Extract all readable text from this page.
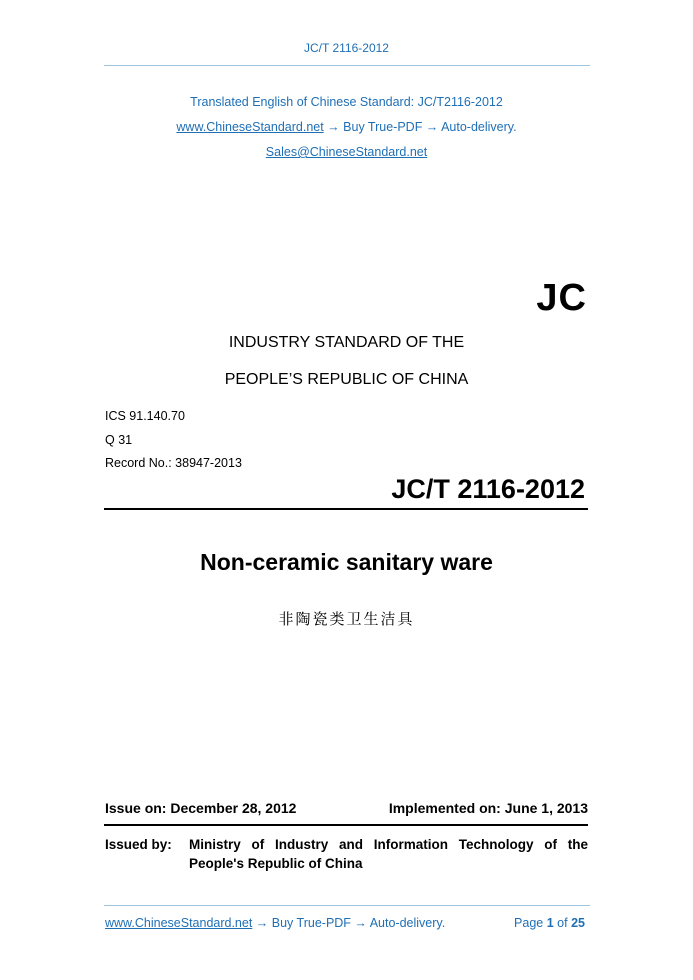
JC/T 2116-2012
Translated English of Chinese Standard: JC/T2116-2012
www.ChineseStandard.net → Buy True-PDF → Auto-delivery.
Sales@ChineseStandard.net
JC
INDUSTRY STANDARD OF THE
PEOPLE’S REPUBLIC OF CHINA
ICS 91.140.70
Q 31
Record No.: 38947-2013
JC/T 2116-2012
Non-ceramic sanitary ware
非陶瓷类卫生洁具
Issue on: December 28, 2012	Implemented on: June 1, 2013
Issued by: Ministry of Industry and Information Technology of the
People's Republic of China
www.ChineseStandard.net → Buy True-PDF → Auto-delivery.	Page 1 of 25
